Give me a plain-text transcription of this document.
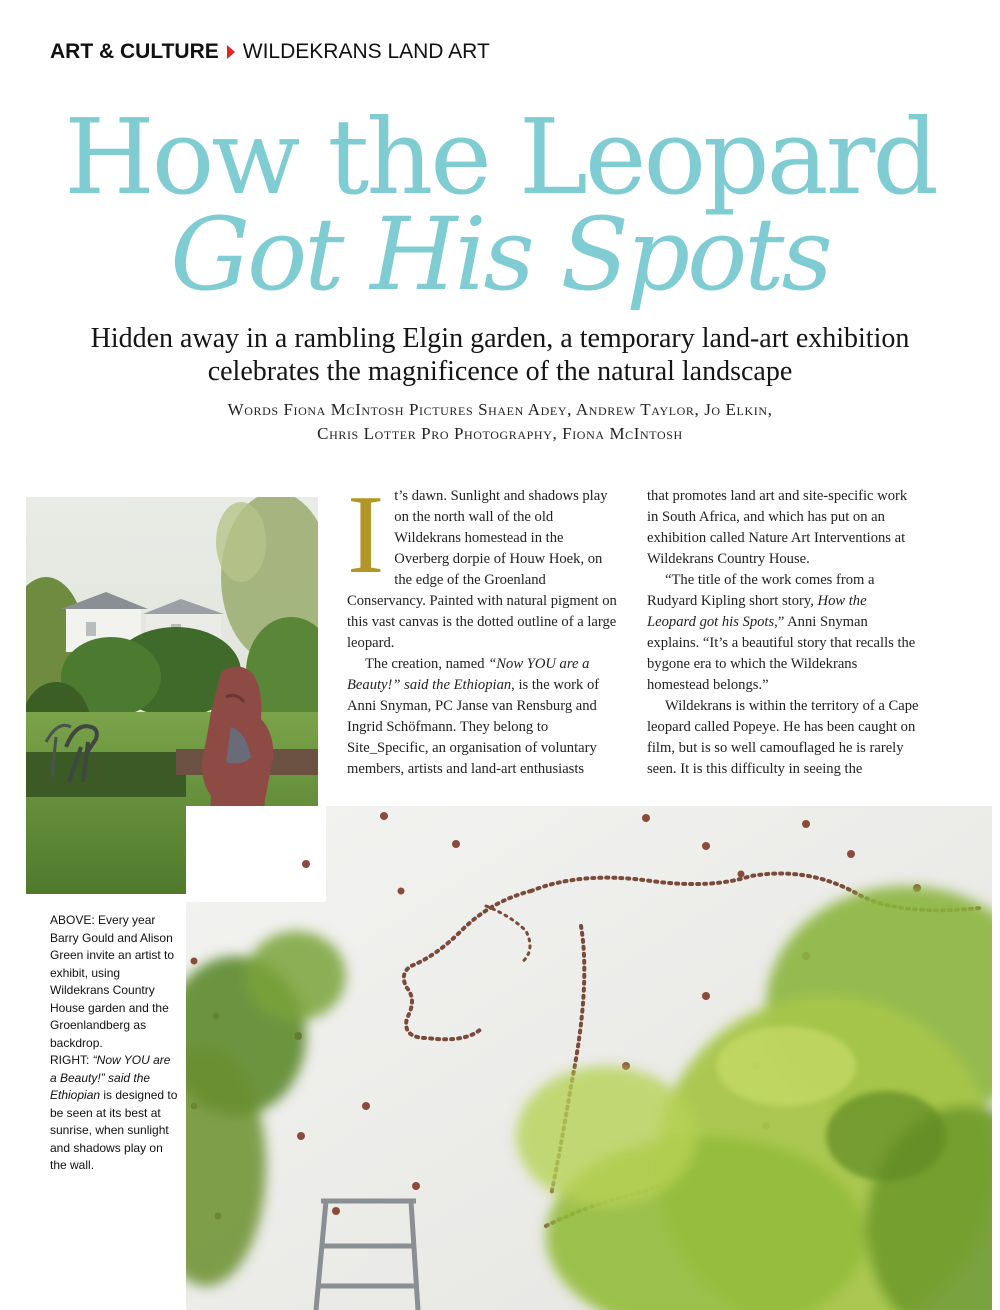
ART & CULTURE WILDEKRANS LAND ART
How the Leopard
Got His Spots
Hidden away in a rambling Elgin garden, a temporary land-art exhibition
celebrates the magnificence of the natural landscape
Words Fiona McIntosh Pictures Shaen Adey, Andrew Taylor, Jo Elkin,
Chris Lotter Pro Photography, Fiona McIntosh
ABOVE: Every year Barry Gould and Alison Green invite an artist to exhibit, using Wildekrans Country House garden and the Groenlandberg as backdrop.
RIGHT: “Now YOU are a Beauty!” said the Ethiopian is designed to be seen at its best at sunrise, when sunlight and shadows play on the wall.

It’s dawn. Sunlight and shadows play on the north wall of the old Wildekrans homestead in the Overberg dorpie of Houw Hoek, on the edge of the Groenland Conservancy. Painted with natural pigment on this vast canvas is the dotted outline of a large leopard.

The creation, named “Now YOU are a Beauty!” said the Ethiopian, is the work of Anni Snyman, PC Janse van Rensburg and Ingrid Schöfmann. They belong to Site_Specific, an organisation of voluntary members, artists and land-art enthusiasts

that promotes land art and site-specific work in South Africa, and which has put on an exhibition called Nature Art Interventions at Wildekrans Country House.

“The title of the work comes from a Rudyard Kipling short story, How the Leopard got his Spots,” Anni Snyman explains. “It’s a beautiful story that recalls the bygone era to which the Wildekrans homestead belongs.”

Wildekrans is within the territory of a Cape leopard called Popeye. He has been caught on film, but is so well camouflaged he is rarely seen. It is this difficulty in seeing the
